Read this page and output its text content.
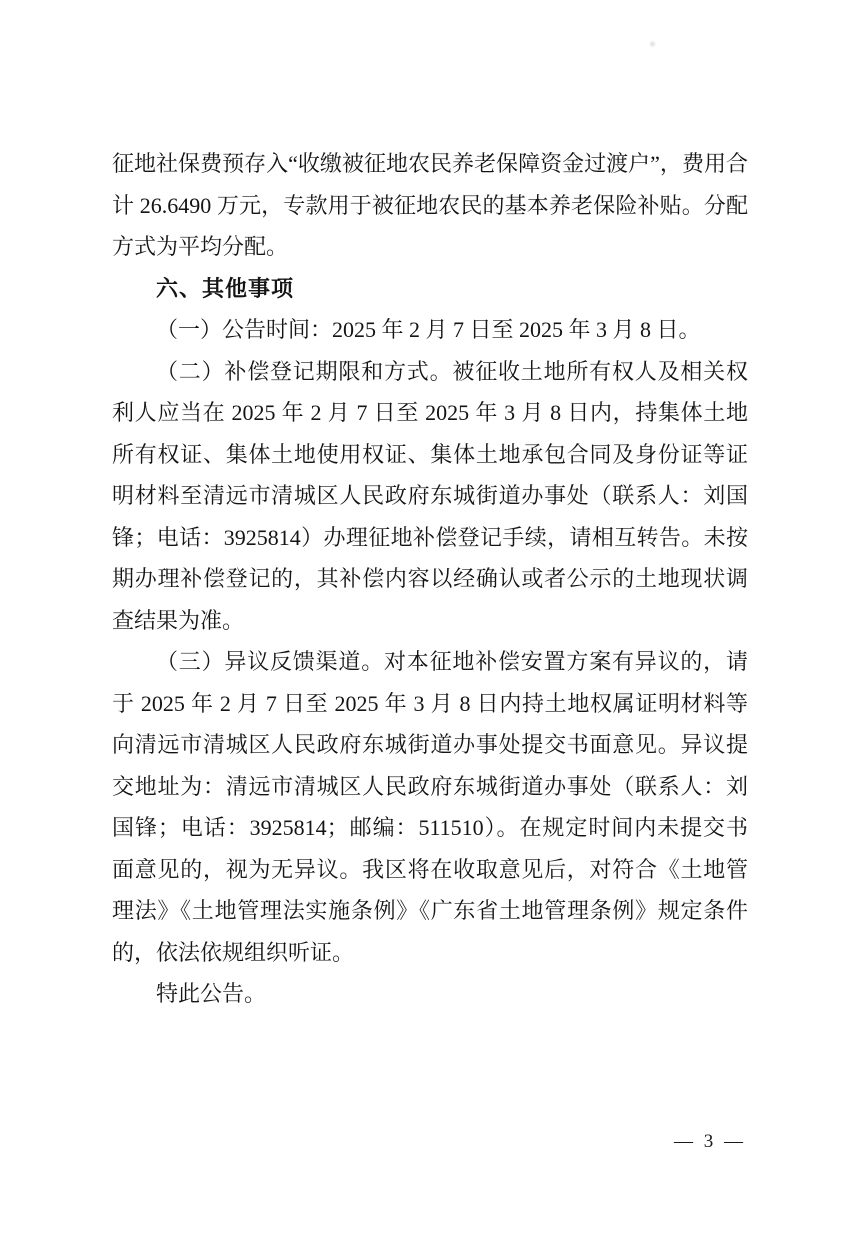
征地社保费预存入“收缴被征地农民养老保障资金过渡户”，费用合计 26.6490 万元，专款用于被征地农民的基本养老保险补贴。分配方式为平均分配。

六、其他事项

（一）公告时间：2025 年 2 月 7 日至 2025 年 3 月 8 日。

（二）补偿登记期限和方式。被征收土地所有权人及相关权利人应当在 2025 年 2 月 7 日至 2025 年 3 月 8 日内，持集体土地所有权证、集体土地使用权证、集体土地承包合同及身份证等证明材料至清远市清城区人民政府东城街道办事处（联系人：刘国锋；电话：3925814）办理征地补偿登记手续，请相互转告。未按期办理补偿登记的，其补偿内容以经确认或者公示的土地现状调查结果为准。

（三）异议反馈渠道。对本征地补偿安置方案有异议的，请于 2025 年 2 月 7 日至 2025 年 3 月 8 日内持土地权属证明材料等向清远市清城区人民政府东城街道办事处提交书面意见。异议提交地址为：清远市清城区人民政府东城街道办事处（联系人：刘国锋；电话：3925814；邮编：511510）。在规定时间内未提交书面意见的，视为无异议。我区将在收取意见后，对符合《土地管理法》《土地管理法实施条例》《广东省土地管理条例》规定条件的，依法依规组织听证。

特此公告。

— 3 —
